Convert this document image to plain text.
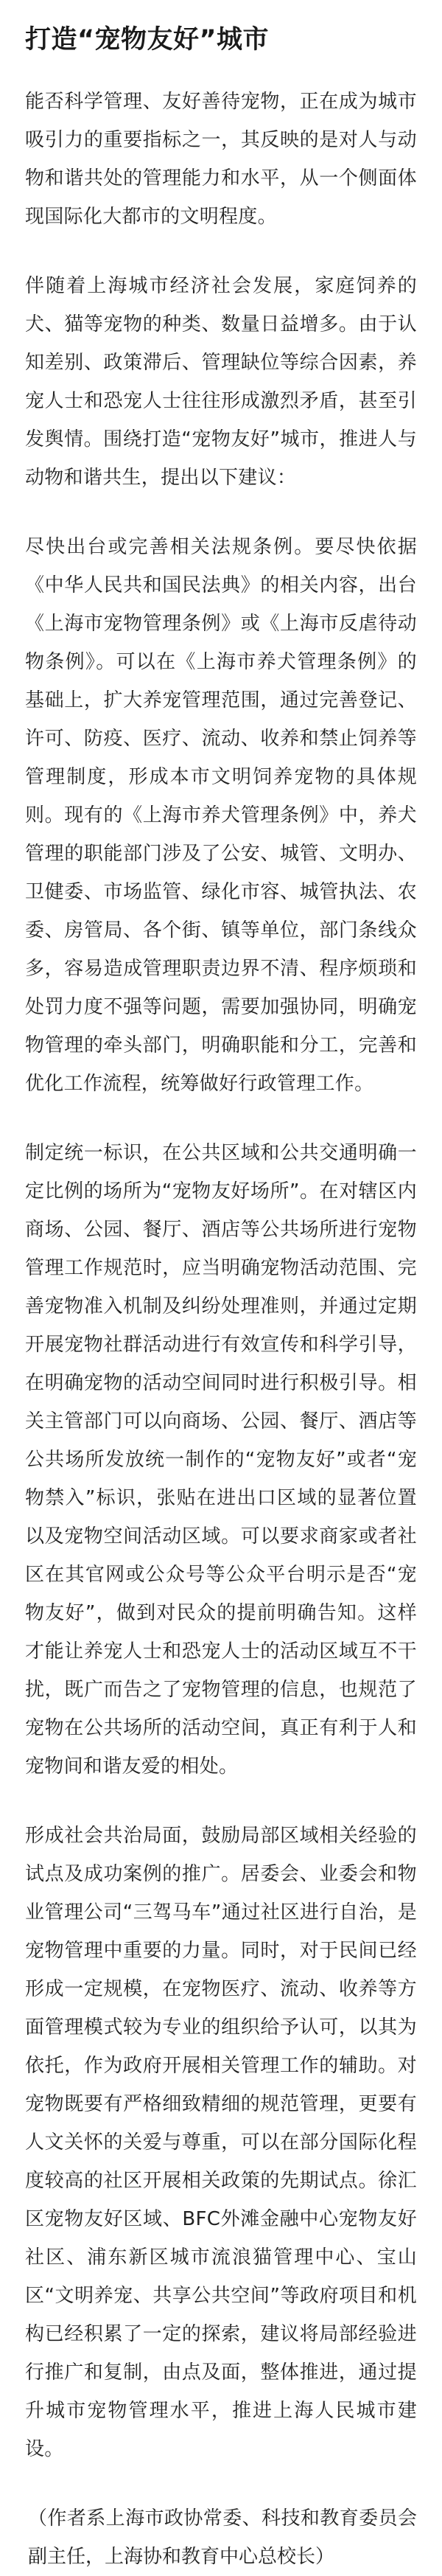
打造“宠物友好”城市

能否科学管理、友好善待宠物，正在成为城市吸引力的重要指标之一，其反映的是对人与动物和谐共处的管理能力和水平，从一个侧面体现国际化大都市的文明程度。

伴随着上海城市经济社会发展，家庭饲养的犬、猫等宠物的种类、数量日益增多。由于认知差别、政策滞后、管理缺位等综合因素，养宠人士和恐宠人士往往形成激烈矛盾，甚至引发舆情。围绕打造“宠物友好”城市，推进人与动物和谐共生，提出以下建议：

尽快出台或完善相关法规条例。要尽快依据《中华人民共和国民法典》的相关内容，出台《上海市宠物管理条例》或《上海市反虐待动物条例》。可以在《上海市养犬管理条例》的基础上，扩大养宠管理范围，通过完善登记、许可、防疫、医疗、流动、收养和禁止饲养等管理制度，形成本市文明饲养宠物的具体规则。现有的《上海市养犬管理条例》中，养犬管理的职能部门涉及了公安、城管、文明办、卫健委、市场监管、绿化市容、城管执法、农委、房管局、各个街、镇等单位，部门条线众多，容易造成管理职责边界不清、程序烦琐和处罚力度不强等问题，需要加强协同，明确宠物管理的牵头部门，明确职能和分工，完善和优化工作流程，统筹做好行政管理工作。

制定统一标识，在公共区域和公共交通明确一定比例的场所为“宠物友好场所”。在对辖区内商场、公园、餐厅、酒店等公共场所进行宠物管理工作规范时，应当明确宠物活动范围、完善宠物准入机制及纠纷处理准则，并通过定期开展宠物社群活动进行有效宣传和科学引导，在明确宠物的活动空间同时进行积极引导。相关主管部门可以向商场、公园、餐厅、酒店等公共场所发放统一制作的“宠物友好”或者“宠物禁入”标识，张贴在进出口区域的显著位置以及宠物空间活动区域。可以要求商家或者社区在其官网或公众号等公众平台明示是否“宠物友好”，做到对民众的提前明确告知。这样才能让养宠人士和恐宠人士的活动区域互不干扰，既广而告之了宠物管理的信息，也规范了宠物在公共场所的活动空间，真正有利于人和宠物间和谐友爱的相处。

形成社会共治局面，鼓励局部区域相关经验的试点及成功案例的推广。居委会、业委会和物业管理公司“三驾马车”通过社区进行自治，是宠物管理中重要的力量。同时，对于民间已经形成一定规模，在宠物医疗、流动、收养等方面管理模式较为专业的组织给予认可，以其为依托，作为政府开展相关管理工作的辅助。对宠物既要有严格细致精细的规范管理，更要有人文关怀的关爱与尊重，可以在部分国际化程度较高的社区开展相关政策的先期试点。徐汇区宠物友好区域、BFC外滩金融中心宠物友好社区、浦东新区城市流浪猫管理中心、宝山区“文明养宠、共享公共空间”等政府项目和机构已经积累了一定的探索，建议将局部经验进行推广和复制，由点及面，整体推进，通过提升城市宠物管理水平，推进上海人民城市建设。

（作者系上海市政协常委、科技和教育委员会副主任，上海协和教育中心总校长）
